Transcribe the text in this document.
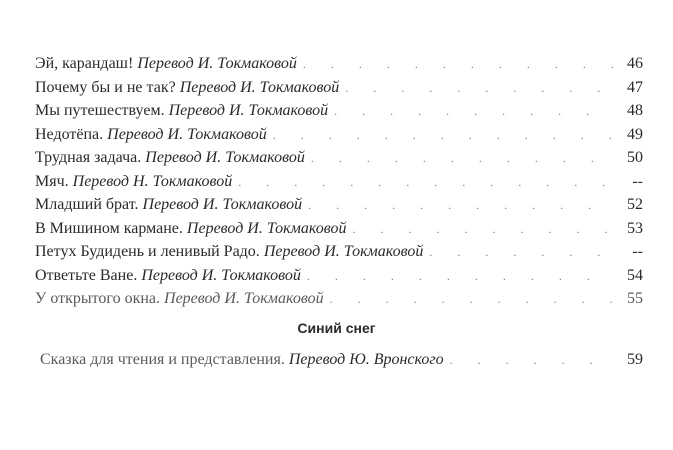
Эй, карандаш! Перевод И. Токмаковой . . .	46
Почему бы и не так? Перевод И. Токмаковой . . .	47
Мы путешествуем. Перевод И. Токмаковой . . .	48
Недотёпа. Перевод И. Токмаковой . . .	49
Трудная задача. Перевод И. Токмаковой . . .	50
Мяч. Перевод Н. Токмаковой . . .	--
Младший брат. Перевод И. Токмаковой . . .	52
В Мишином кармане. Перевод И. Токмаковой . . .	53
Петух Будидень и ленивый Радо. Перевод И. Токмаковой . . .	--
Ответьте Ване. Перевод И. Токмаковой . . .	54
У открытого окна. Перевод И. Токмаковой . . .	55
Синий снег
Сказка для чтения и представления. Перевод Ю. Вронского . . .	59
